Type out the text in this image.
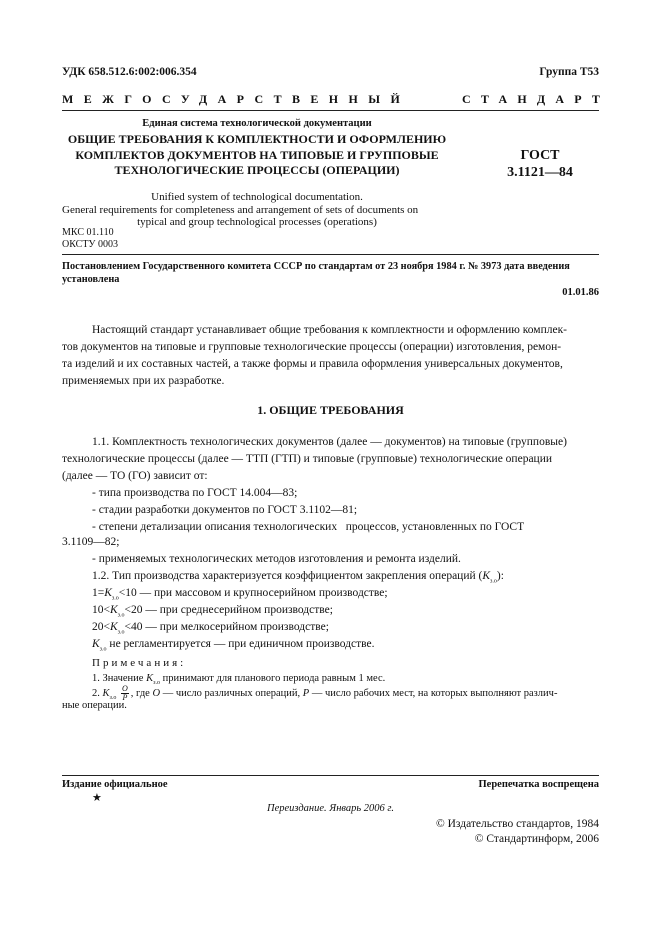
УДК 658.512.6:002:006.354	Группа Т53
МЕЖГОСУДАРСТВЕННЫЙ	СТАНДАРТ
Единая система технологической документации
ОБЩИЕ ТРЕБОВАНИЯ К КОМПЛЕКТНОСТИ И ОФОРМЛЕНИЮ
КОМПЛЕКТОВ ДОКУМЕНТОВ НА ТИПОВЫЕ И ГРУППОВЫЕ
ТЕХНОЛОГИЧЕСКИЕ ПРОЦЕССЫ (ОПЕРАЦИИ)
ГОСТ
3.1121—84
Unified system of technological documentation.
General requirements for completeness and arrangement of sets of documents on
typical and group technological processes (operations)
МКС 01.110
ОКСТУ 0003
Постановлением Государственного комитета СССР по стандартам от 23 ноября 1984 г. № 3973 дата введения
установлена
01.01.86
Настоящий стандарт устанавливает общие требования к комплектности и оформлению комплек-
тов документов на типовые и групповые технологические процессы (операции) изготовления, ремон-
та изделий и их составных частей, а также формы и правила оформления универсальных документов,
применяемых при их разработке.
1. ОБЩИЕ ТРЕБОВАНИЯ
1.1. Комплектность технологических документов (далее — документов) на типовые (групповые)
технологические процессы (далее — ТТП (ГТП) и типовые (групповые) технологические операции
(далее — ТО (ГО) зависит от:
- типа производства по ГОСТ 14.004—83;
- стадии разработки документов по ГОСТ 3.1102—81;
- степени детализации описания технологических   процессов, установленных по ГОСТ
3.1109—82;
- применяемых технологических методов изготовления и ремонта изделий.
1.2. Тип производства характеризуется коэффициентом закрепления операций $(K_{з.о})$:
$1=K_{з.о}<10$ — при массовом и крупносерийном производстве;
$10<K_{з.о}<20$ — при среднесерийном производстве;
$20<K_{з.о}<40$ — при мелкосерийном производстве;
$K_{з.о}$ не регламентируется — при единичном производстве.
Примечания:
1. Значение $K_{з.о}$ принимают для планового периода равным 1 мес.
2. $K_{з.о} \frac{O}{P}$ , где O — число различных операций, P — число рабочих мест, на которых выполняют различ-
ные операции.
Издание официальное	Перепечатка воспрещена
★
Переиздание. Январь 2006 г.
© Издательство стандартов, 1984
© Стандартинформ, 2006
